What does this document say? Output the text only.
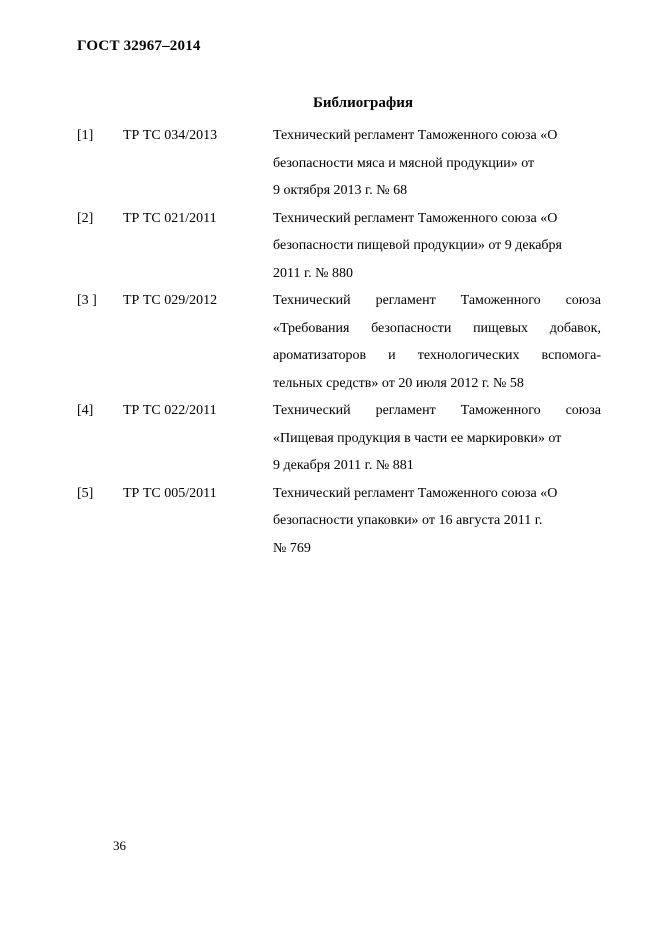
ГОСТ 32967–2014
Библиография
[1]	ТР ТС 034/2013	Технический регламент Таможенного союза «О
безопасности мяса и мясной продукции» от
9 октября 2013 г. № 68
[2]	ТР ТС 021/2011	Технический регламент Таможенного союза «О
безопасности пищевой продукции» от 9 декабря
2011 г. № 880
[3 ]	ТР ТС 029/2012	Технический регламент Таможенного союза
«Требования безопасности пищевых добавок,
ароматизаторов и технологических вспомога-
тельных средств» от 20 июля 2012 г. № 58
[4]	ТР ТС 022/2011	Технический регламент Таможенного союза
«Пищевая продукция в части ее маркировки» от
9 декабря 2011 г. № 881
[5]	ТР ТС 005/2011	Технический регламент Таможенного союза «О
безопасности упаковки» от 16 августа 2011 г.
№ 769
36
